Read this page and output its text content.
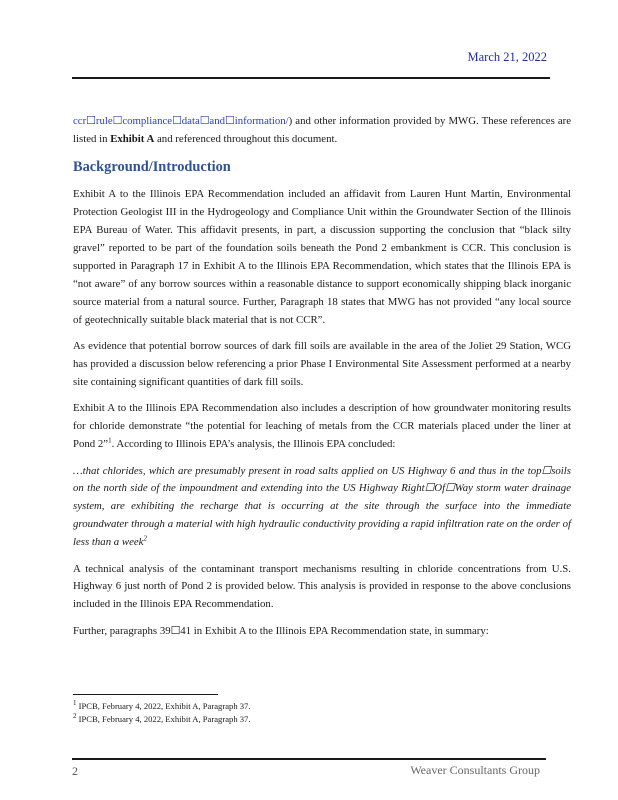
March 21, 2022

ccr☐rule☐compliance☐data☐and☐information/) and other information provided by MWG. These references are listed in Exhibit A and referenced throughout this document.

Background/Introduction

Exhibit A to the Illinois EPA Recommendation included an affidavit from Lauren Hunt Martin, Environmental Protection Geologist III in the Hydrogeology and Compliance Unit within the Groundwater Section of the Illinois EPA Bureau of Water. This affidavit presents, in part, a discussion supporting the conclusion that “black silty gravel” reported to be part of the foundation soils beneath the Pond 2 embankment is CCR. This conclusion is supported in Paragraph 17 in Exhibit A to the Illinois EPA Recommendation, which states that the Illinois EPA is “not aware” of any borrow sources within a reasonable distance to support economically shipping black inorganic source material from a natural source. Further, Paragraph 18 states that MWG has not provided “any local source of geotechnically suitable black material that is not CCR”.

As evidence that potential borrow sources of dark fill soils are available in the area of the Joliet 29 Station, WCG has provided a discussion below referencing a prior Phase I Environmental Site Assessment performed at a nearby site containing significant quantities of dark fill soils.

Exhibit A to the Illinois EPA Recommendation also includes a description of how groundwater monitoring results for chloride demonstrate “the potential for leaching of metals from the CCR materials placed under the liner at Pond 2”$^1$. According to Illinois EPA’s analysis, the Illinois EPA concluded:

…that chlorides, which are presumably present in road salts applied on US Highway 6 and thus in the top☐soils on the north side of the impoundment and extending into the US Highway Right☐Of☐Way storm water drainage system, are exhibiting the recharge that is occurring at the site through the surface into the immediate groundwater through a material with high hydraulic conductivity providing a rapid infiltration rate on the order of less than a week$^2$

A technical analysis of the contaminant transport mechanisms resulting in chloride concentrations from U.S. Highway 6 just north of Pond 2 is provided below. This analysis is provided in response to the above conclusions included in the Illinois EPA Recommendation.

Further, paragraphs 39☐41 in Exhibit A to the Illinois EPA Recommendation state, in summary:

$^1$ IPCB, February 4, 2022, Exhibit A, Paragraph 37.
$^2$ IPCB, February 4, 2022, Exhibit A, Paragraph 37.
2	Weaver Consultants Group
